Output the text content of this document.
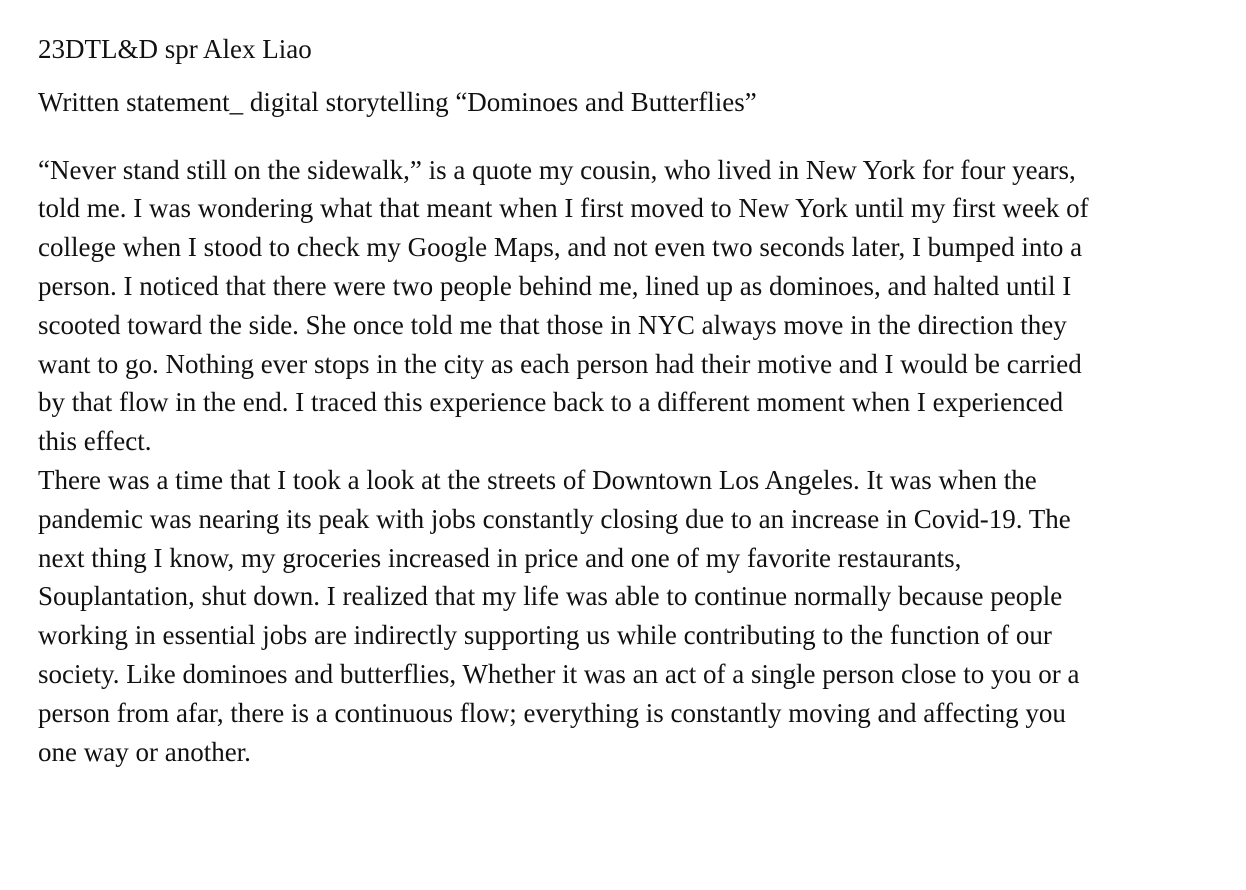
23DTL&D spr Alex Liao
Written statement_ digital storytelling “Dominoes and Butterflies”
“Never stand still on the sidewalk,” is a quote my cousin, who lived in New York for four years,
told me. I was wondering what that meant when I first moved to New York until my first week of
college when I stood to check my Google Maps, and not even two seconds later, I bumped into a
person. I noticed that there were two people behind me, lined up as dominoes, and halted until I
scooted toward the side. She once told me that those in NYC always move in the direction they
want to go. Nothing ever stops in the city as each person had their motive and I would be carried
by that flow in the end. I traced this experience back to a different moment when I experienced
this effect.
There was a time that I took a look at the streets of Downtown Los Angeles. It was when the
pandemic was nearing its peak with jobs constantly closing due to an increase in Covid-19. The
next thing I know, my groceries increased in price and one of my favorite restaurants,
Souplantation, shut down. I realized that my life was able to continue normally because people
working in essential jobs are indirectly supporting us while contributing to the function of our
society. Like dominoes and butterflies, Whether it was an act of a single person close to you or a
person from afar, there is a continuous flow; everything is constantly moving and affecting you
one way or another.
